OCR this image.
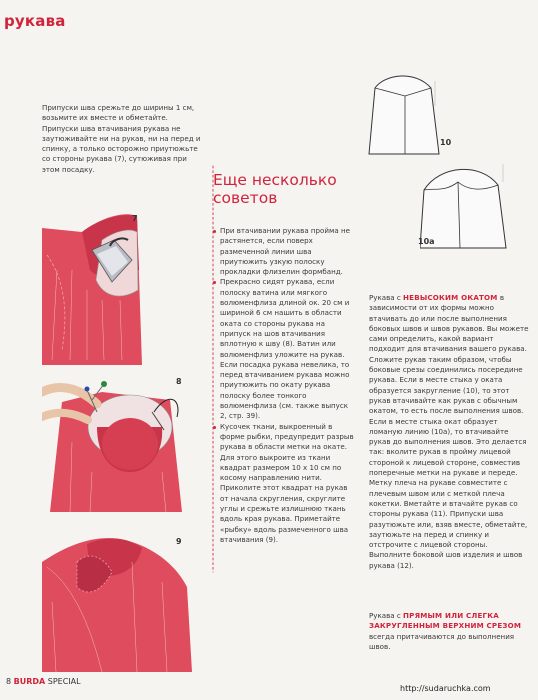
рукава

Припуски шва срежьте до ширины 1 см, возьмите их вместе и обметайте.

Припуски шва втачивания рукава не заутюживайте ни на рукав, ни на перед и спинку, а только осторожно приутюжьте со стороны рукава (7), сутюживая при этом посадку.

7
8
9
Еще несколько
советов
При втачивании рукава пройма не растянется, если поверх размеченной линии шва приутюжить узкую полоску прокладки флизелин формбанд.
Прекрасно сидят рукава, если полоску ватина или мягкого волюменфлиза длиной ок. 20 см и шириной 6 см нашить в области оката со стороны рукава на припуск на шов втачивания вплотную к шву (8). Ватин или волюменфлиз уложите на рукав. Если посадка рукава невелика, то перед втачиванием рукава можно приутюжить по окату рукава полоску более тонкого волюменфлиза (см. также выпуск 2, стр. 39).
Кусочек ткани, выкроенный в форме рыбки, предупредит разрыв рукава в области метки на окате. Для этого выкроите из ткани квадрат размером 10 х 10 см по косому направлению нити. Приколите этот квадрат на рукав от начала скругления, скруглите углы и срежьте излишнюю ткань вдоль края рукава. Приметайте «рыбку» вдоль размеченного шва втачивания (9).
10
10a
Рукава с НЕВЫСОКИМ ОКАТОМ в зависимости от их формы можно втачивать до или после выполнения боковых швов и швов рукавов. Вы можете сами определить, какой вариант подходит для втачивания вашего рукава. Сложите рукав таким образом, чтобы боковые срезы соединились посередине рукава. Если в месте стыка у оката образуется закругление (10), то этот рукав втачивайте как рукав с обычным окатом, то есть после выполнения швов. Если в месте стыка окат образует ломаную линию (10a), то втачивайте рукав до выполнения швов. Это делается так: вколите рукав в пройму лицевой стороной к лицевой стороне, совместив поперечные метки на рукаве и переде. Метку плеча на рукаве совместите с плечевым швом или с меткой плеча кокетки. Вметайте и втачайте рукав со стороны рукава (11). Припуски шва разутюжьте или, взяв вместе, обметайте, заутюжьте на перед и спинку и отстрочите с лицевой стороны. Выполните боковой шов изделия и швов рукава (12).
Рукава с ПРЯМЫМ ИЛИ СЛЕГКА ЗАКРУГЛЕННЫМ ВЕРХНИМ СРЕЗОМ всегда притачиваются до выполнения швов.
8 BURDA SPECIAL
http://sudaruchka.com
